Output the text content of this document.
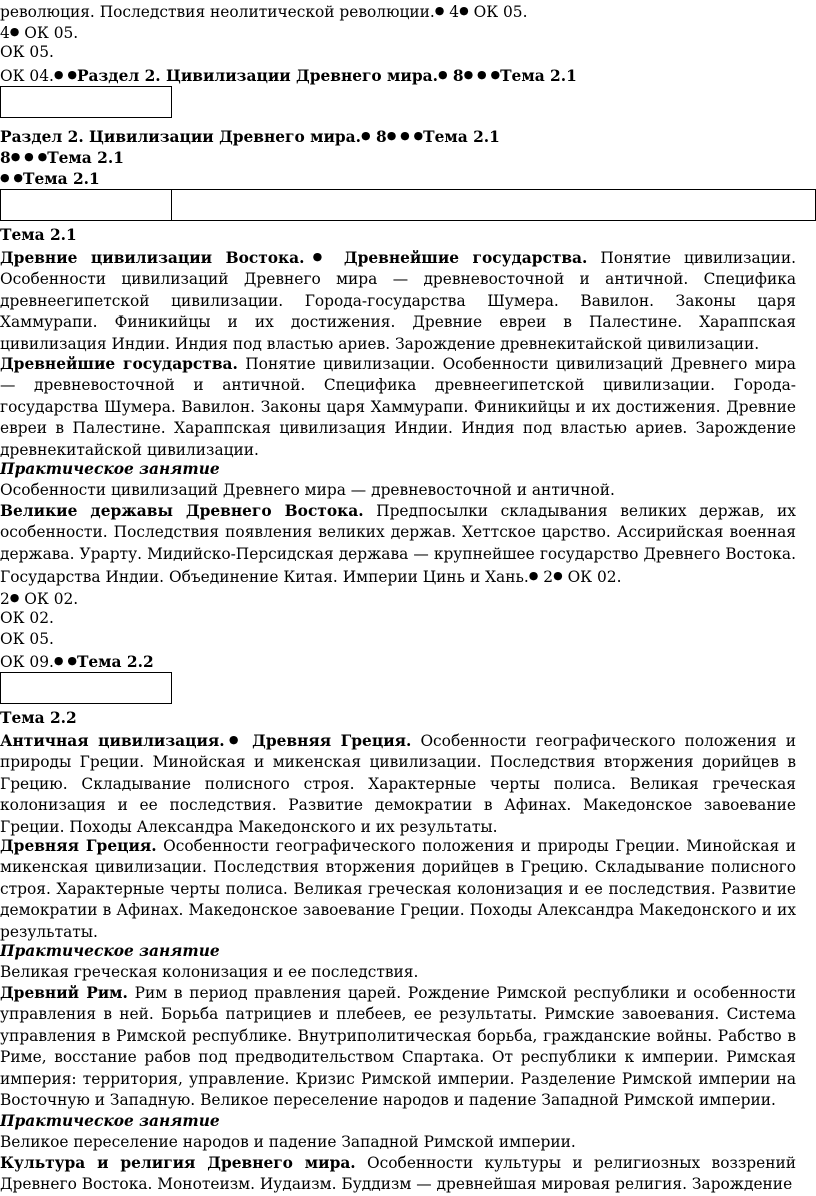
революция. Последствия неолитической революции.● 4● ОК 05.
4● ОК 05.
ОК 05.
ОК 04.● ●Раздел 2. Цивилизации Древнего мира.● 8● ● ●Тема 2.1
Раздел 2. Цивилизации Древнего мира.● 8● ● ●Тема 2.1
8● ● ●Тема 2.1
● ●Тема 2.1
Тема 2.1
Древние цивилизации Востока.● Древнейшие государства. Понятие цивилизации. Особенности цивилизаций Древнего мира — древневосточной и античной. Специфика древнеегипетской цивилизации. Города-государства Шумера. Вавилон. Законы царя Хаммурапи. Финикийцы и их достижения. Древние евреи в Палестине. Хараппская цивилизация Индии. Индия под властью ариев. Зарождение древнекитайской цивилизации.
Древнейшие государства. Понятие цивилизации. Особенности цивилизаций Древнего мира — древневосточной и античной. Специфика древнеегипетской цивилизации. Города-государства Шумера. Вавилон. Законы царя Хаммурапи. Финикийцы и их достижения. Древние евреи в Палестине. Хараппская цивилизация Индии. Индия под властью ариев. Зарождение древнекитайской цивилизации.
Практическое занятие
Особенности цивилизаций Древнего мира — древневосточной и античной.
Великие державы Древнего Востока. Предпосылки складывания великих держав, их особенности. Последствия появления великих держав. Хеттское царство. Ассирийская военная держава. Урарту. Мидийско-Персидская держава — крупнейшее государство Древнего Востока. Государства Индии. Объединение Китая. Империи Цинь и Хань.● 2● ОК 02.
2● ОК 02.
ОК 02.
ОК 05.
ОК 09.● ●Тема 2.2
Тема 2.2
Античная цивилизация.● Древняя Греция. Особенности географического положения и природы Греции. Минойская и микенская цивилизации. Последствия вторжения дорийцев в Грецию. Складывание полисного строя. Характерные черты полиса. Великая греческая колонизация и ее последствия. Развитие демократии в Афинах. Македонское завоевание Греции. Походы Александра Македонского и их результаты.
Древняя Греция. Особенности географического положения и природы Греции. Минойская и микенская цивилизации. Последствия вторжения дорийцев в Грецию. Складывание полисного строя. Характерные черты полиса. Великая греческая колонизация и ее последствия. Развитие демократии в Афинах. Македонское завоевание Греции. Походы Александра Македонского и их результаты.
Практическое занятие
Великая греческая колонизация и ее последствия.
Древний Рим. Рим в период правления царей. Рождение Римской республики и особенности управления в ней. Борьба патрициев и плебеев, ее результаты. Римские завоевания. Система управления в Римской республике. Внутриполитическая борьба, гражданские войны. Рабство в Риме, восстание рабов под предводительством Спартака. От республики к империи. Римская империя: территория, управление. Кризис Римской империи. Разделение Римской империи на Восточную и Западную. Великое переселение народов и падение Западной Римской империи.
Практическое занятие
Великое переселение народов и падение Западной Римской империи.
Культура и религия Древнего мира. Особенности культуры и религиозных воззрений Древнего Востока. Монотеизм. Иудаизм. Буддизм — древнейшая мировая религия. Зарождение
